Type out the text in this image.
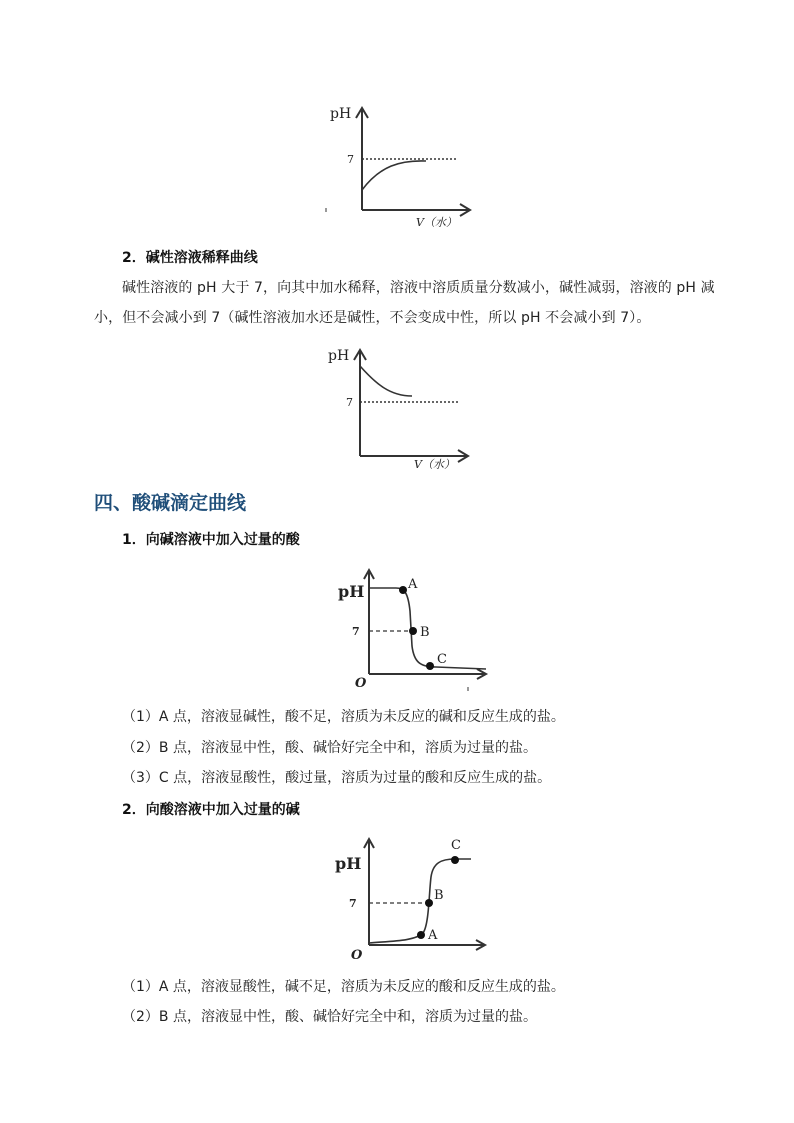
pH
7
V（水）
2．碱性溶液稀释曲线
碱性溶液的 pH 大于 7，向其中加水稀释，溶液中溶质质量分数减小，碱性减弱，溶液的 pH 减
小，但不会减小到 7（碱性溶液加水还是碱性，不会变成中性，所以 pH 不会减小到 7）。
pH
7
V（水）
四、酸碱滴定曲线
1．向碱溶液中加入过量的酸
pH
7
O
A
B
C
（1）A 点，溶液显碱性，酸不足，溶质为未反应的碱和反应生成的盐。
（2）B 点，溶液显中性，酸、碱恰好完全中和，溶质为过量的盐。
（3）C 点，溶液显酸性，酸过量，溶质为过量的酸和反应生成的盐。
2．向酸溶液中加入过量的碱
pH
7
O
A
B
C
（1）A 点，溶液显酸性，碱不足，溶质为未反应的酸和反应生成的盐。
（2）B 点，溶液显中性，酸、碱恰好完全中和，溶质为过量的盐。
